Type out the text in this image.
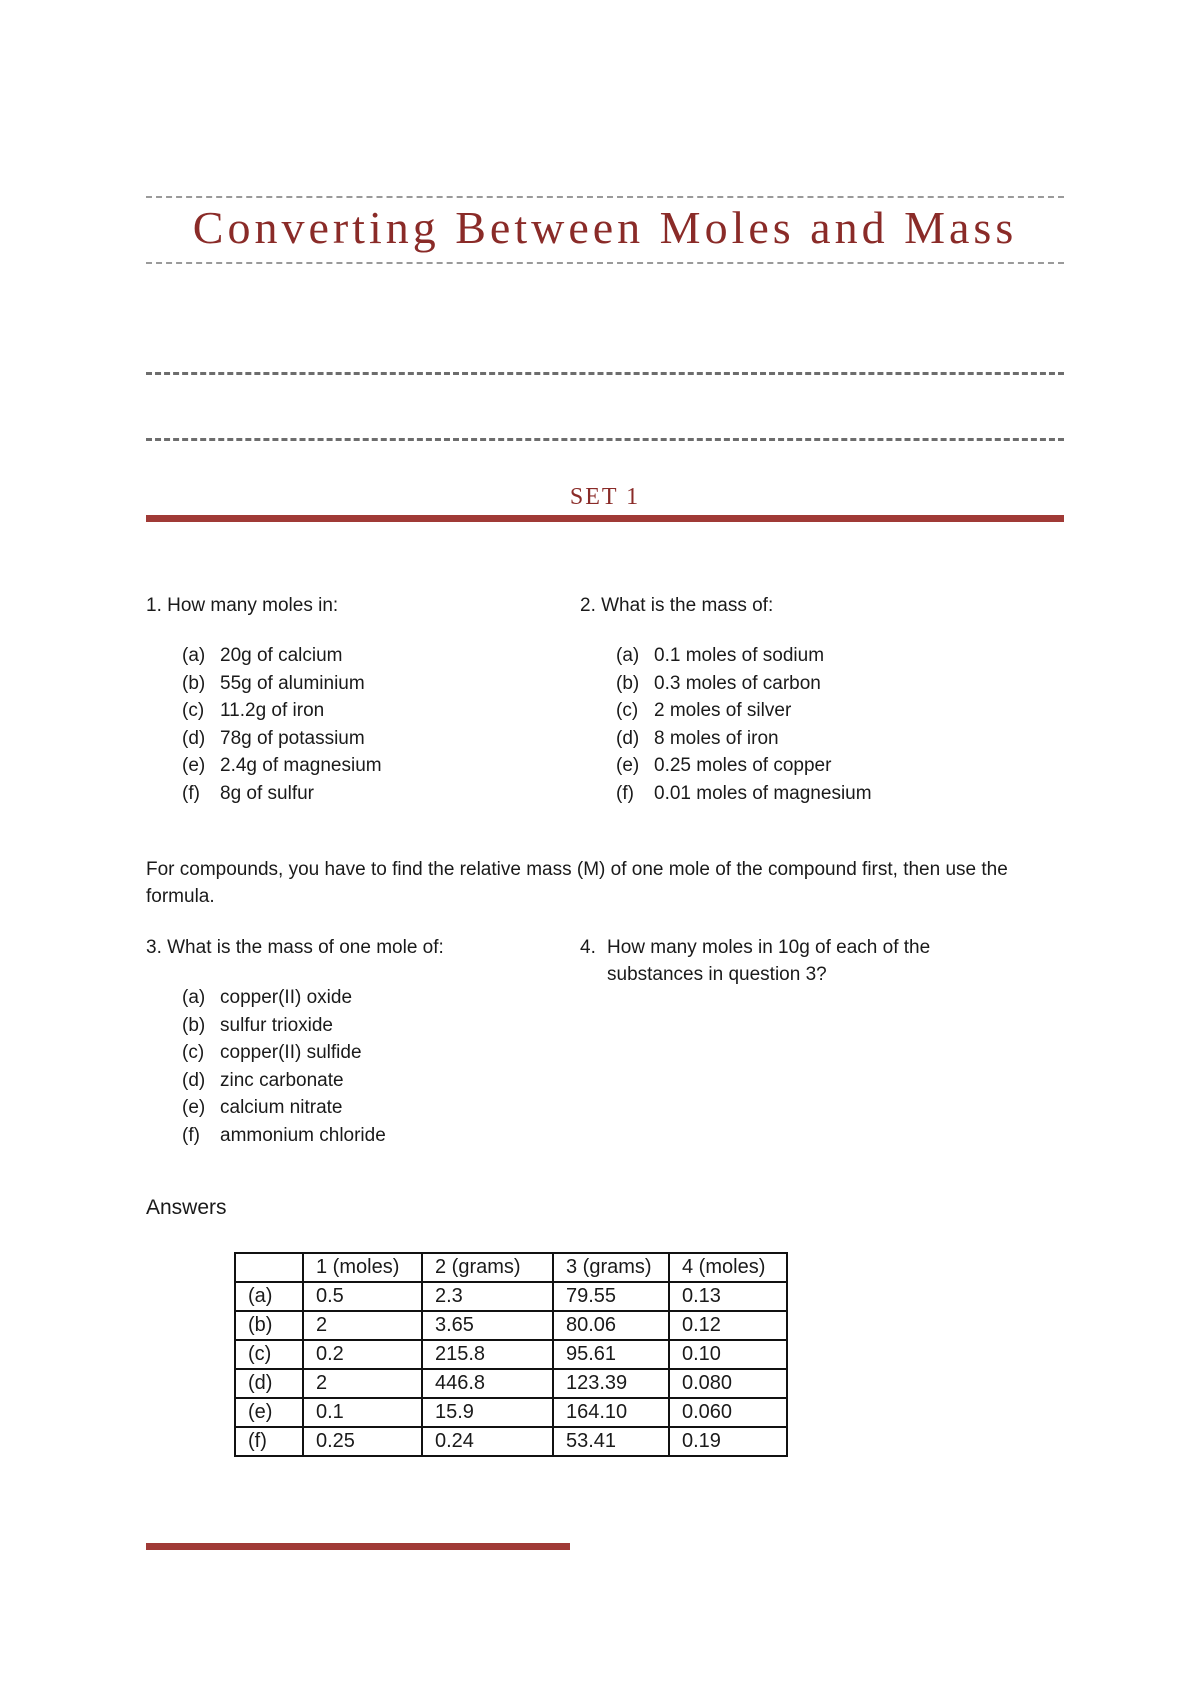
Converting Between Moles and Mass
SET 1
1. How many moles in:
(a) 20g of calcium
(b) 55g of aluminium
(c) 11.2g of iron
(d) 78g of potassium
(e) 2.4g of magnesium
(f) 8g of sulfur
2. What is the mass of:
(a) 0.1 moles of sodium
(b) 0.3 moles of carbon
(c) 2 moles of silver
(d) 8 moles of iron
(e) 0.25 moles of copper
(f) 0.01 moles of magnesium
For compounds, you have to find the relative mass (M) of one mole of the compound first, then use the formula.
3. What is the mass of one mole of:
(a) copper(II) oxide
(b) sulfur trioxide
(c) copper(II) sulfide
(d) zinc carbonate
(e) calcium nitrate
(f) ammonium chloride
4. How many moles in 10g of each of the substances in question 3?
Answers
	1 (moles)	2 (grams)	3 (grams)	4 (moles)
(a)	0.5	2.3	79.55	0.13
(b)	2	3.65	80.06	0.12
(c)	0.2	215.8	95.61	0.10
(d)	2	446.8	123.39	0.080
(e)	0.1	15.9	164.10	0.060
(f)	0.25	0.24	53.41	0.19
